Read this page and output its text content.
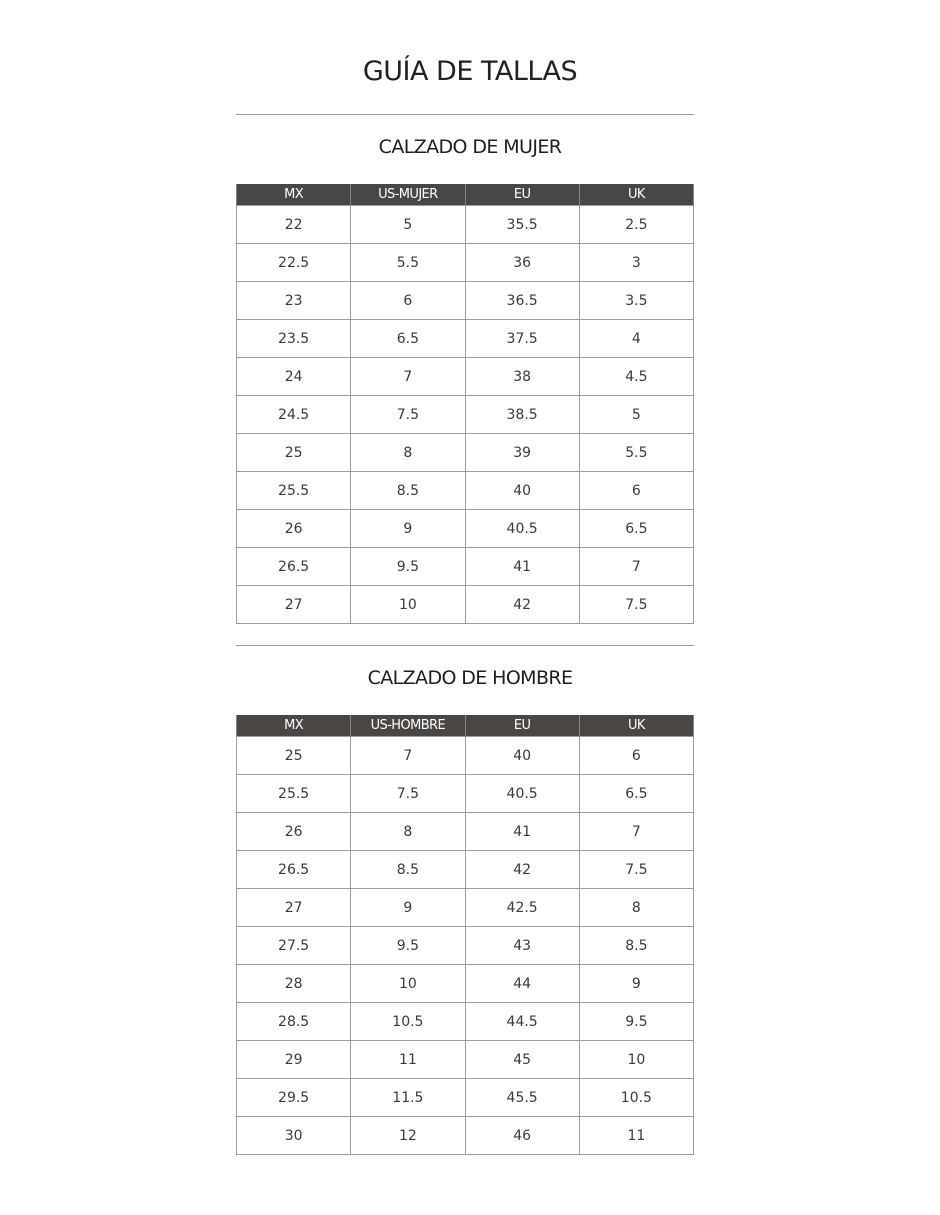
GUÍA DE TALLAS
CALZADO DE MUJER
MX	US-MUJER	EU	UK
22	5	35.5	2.5
22.5	5.5	36	3
23	6	36.5	3.5
23.5	6.5	37.5	4
24	7	38	4.5
24.5	7.5	38.5	5
25	8	39	5.5
25.5	8.5	40	6
26	9	40.5	6.5
26.5	9.5	41	7
27	10	42	7.5
CALZADO DE HOMBRE
MX	US-HOMBRE	EU	UK
25	7	40	6
25.5	7.5	40.5	6.5
26	8	41	7
26.5	8.5	42	7.5
27	9	42.5	8
27.5	9.5	43	8.5
28	10	44	9
28.5	10.5	44.5	9.5
29	11	45	10
29.5	11.5	45.5	10.5
30	12	46	11
